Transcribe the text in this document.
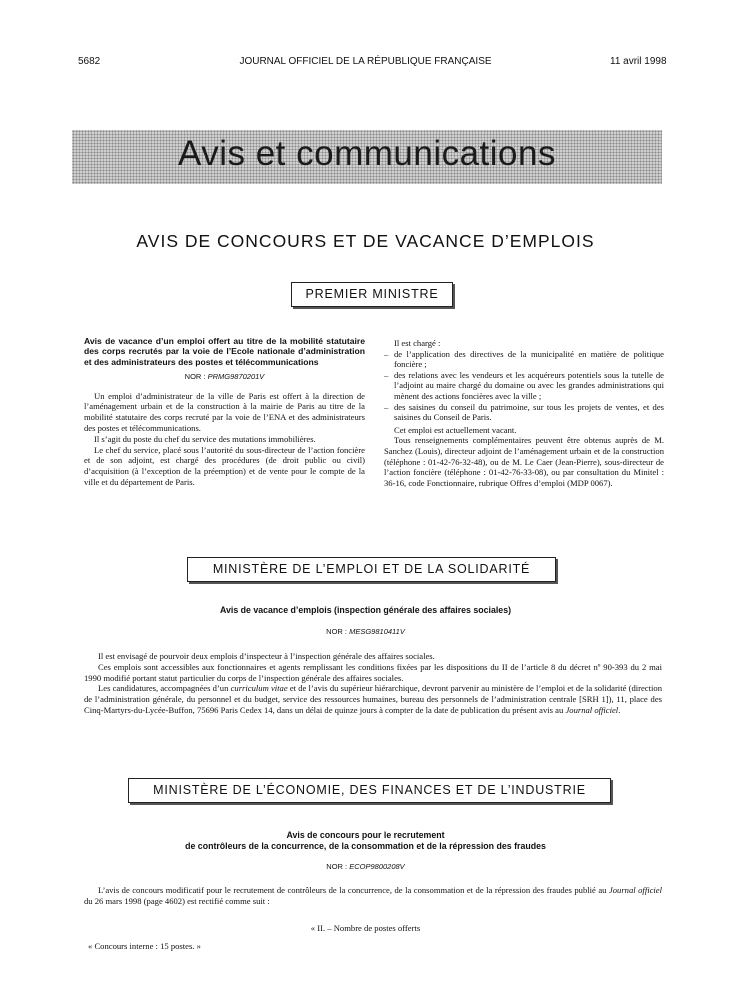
5682	JOURNAL OFFICIEL DE LA RÉPUBLIQUE FRANÇAISE	11 avril 1998
Avis et communications
AVIS DE CONCOURS ET DE VACANCE D’EMPLOIS
PREMIER MINISTRE

Avis de vacance d’un emploi offert au titre de la mobilité statutaire des corps recrutés par la voie de l’Ecole nationale d’administration et des administrateurs des postes et télécommunications

NOR : PRMG9870201V

Un emploi d’administrateur de la ville de Paris est offert à la direction de l’aménagement urbain et de la construction à la mairie de Paris au titre de la mobilité statutaire des corps recruté par la voie de l’ENA et des administrateurs des postes et télécommunications.

Il s’agit du poste du chef du service des mutations immobilières.

Le chef du service, placé sous l’autorité du sous-directeur de l’action foncière et de son adjoint, est chargé des procédures (de droit public ou civil) d’acquisition (à l’exception de la préemption) et de vente pour le compte de la ville et du département de Paris.

Il est chargé :

– de l’application des directives de la municipalité en matière de politique foncière ;
– des relations avec les vendeurs et les acquéreurs potentiels sous la tutelle de l’adjoint au maire chargé du domaine ou avec les grandes administrations qui mènent des actions foncières avec la ville ;
– des saisines du conseil du patrimoine, sur tous les projets de ventes, et des saisines du Conseil de Paris.

Cet emploi est actuellement vacant.

Tous renseignements complémentaires peuvent être obtenus auprès de M. Sanchez (Louis), directeur adjoint de l’aménagement urbain et de la construction (téléphone : 01-42-76-32-48), ou de M. Le Caer (Jean-Pierre), sous-directeur de l’action foncière (téléphone : 01-42-76-33-08), ou par consultation du Minitel : 36-16, code Fonctionnaire, rubrique Offres d’emploi (MDP 0067).

MINISTÈRE DE L’EMPLOI ET DE LA SOLIDARITÉ
Avis de vacance d’emplois (inspection générale des affaires sociales)
NOR : MESG9810411V

Il est envisagé de pourvoir deux emplois d’inspecteur à l’inspection générale des affaires sociales.

Ces emplois sont accessibles aux fonctionnaires et agents remplissant les conditions fixées par les dispositions du II de l’article 8 du décret nº 90-393 du 2 mai 1990 modifié portant statut particulier du corps de l’inspection générale des affaires sociales.

Les candidatures, accompagnées d’un curriculum vitae et de l’avis du supérieur hiérarchique, devront parvenir au ministère de l’emploi et de la solidarité (direction de l’administration générale, du personnel et du budget, service des ressources humaines, bureau des personnels de l’administration centrale [SRH 1]), 11, place des Cinq-Martyrs-du-Lycée-Buffon, 75696 Paris Cedex 14, dans un délai de quinze jours à compter de la date de publication du présent avis au Journal officiel.

MINISTÈRE DE L’ÉCONOMIE, DES FINANCES ET DE L’INDUSTRIE
Avis de concours pour le recrutement
de contrôleurs de la concurrence, de la consommation et de la répression des fraudes
NOR : ECOP9800208V

L’avis de concours modificatif pour le recrutement de contrôleurs de la concurrence, de la consommation et de la répression des fraudes publié au Journal officiel du 26 mars 1998 (page 4602) est rectifié comme suit :

« II. – Nombre de postes offerts
« Concours interne : 15 postes. »
